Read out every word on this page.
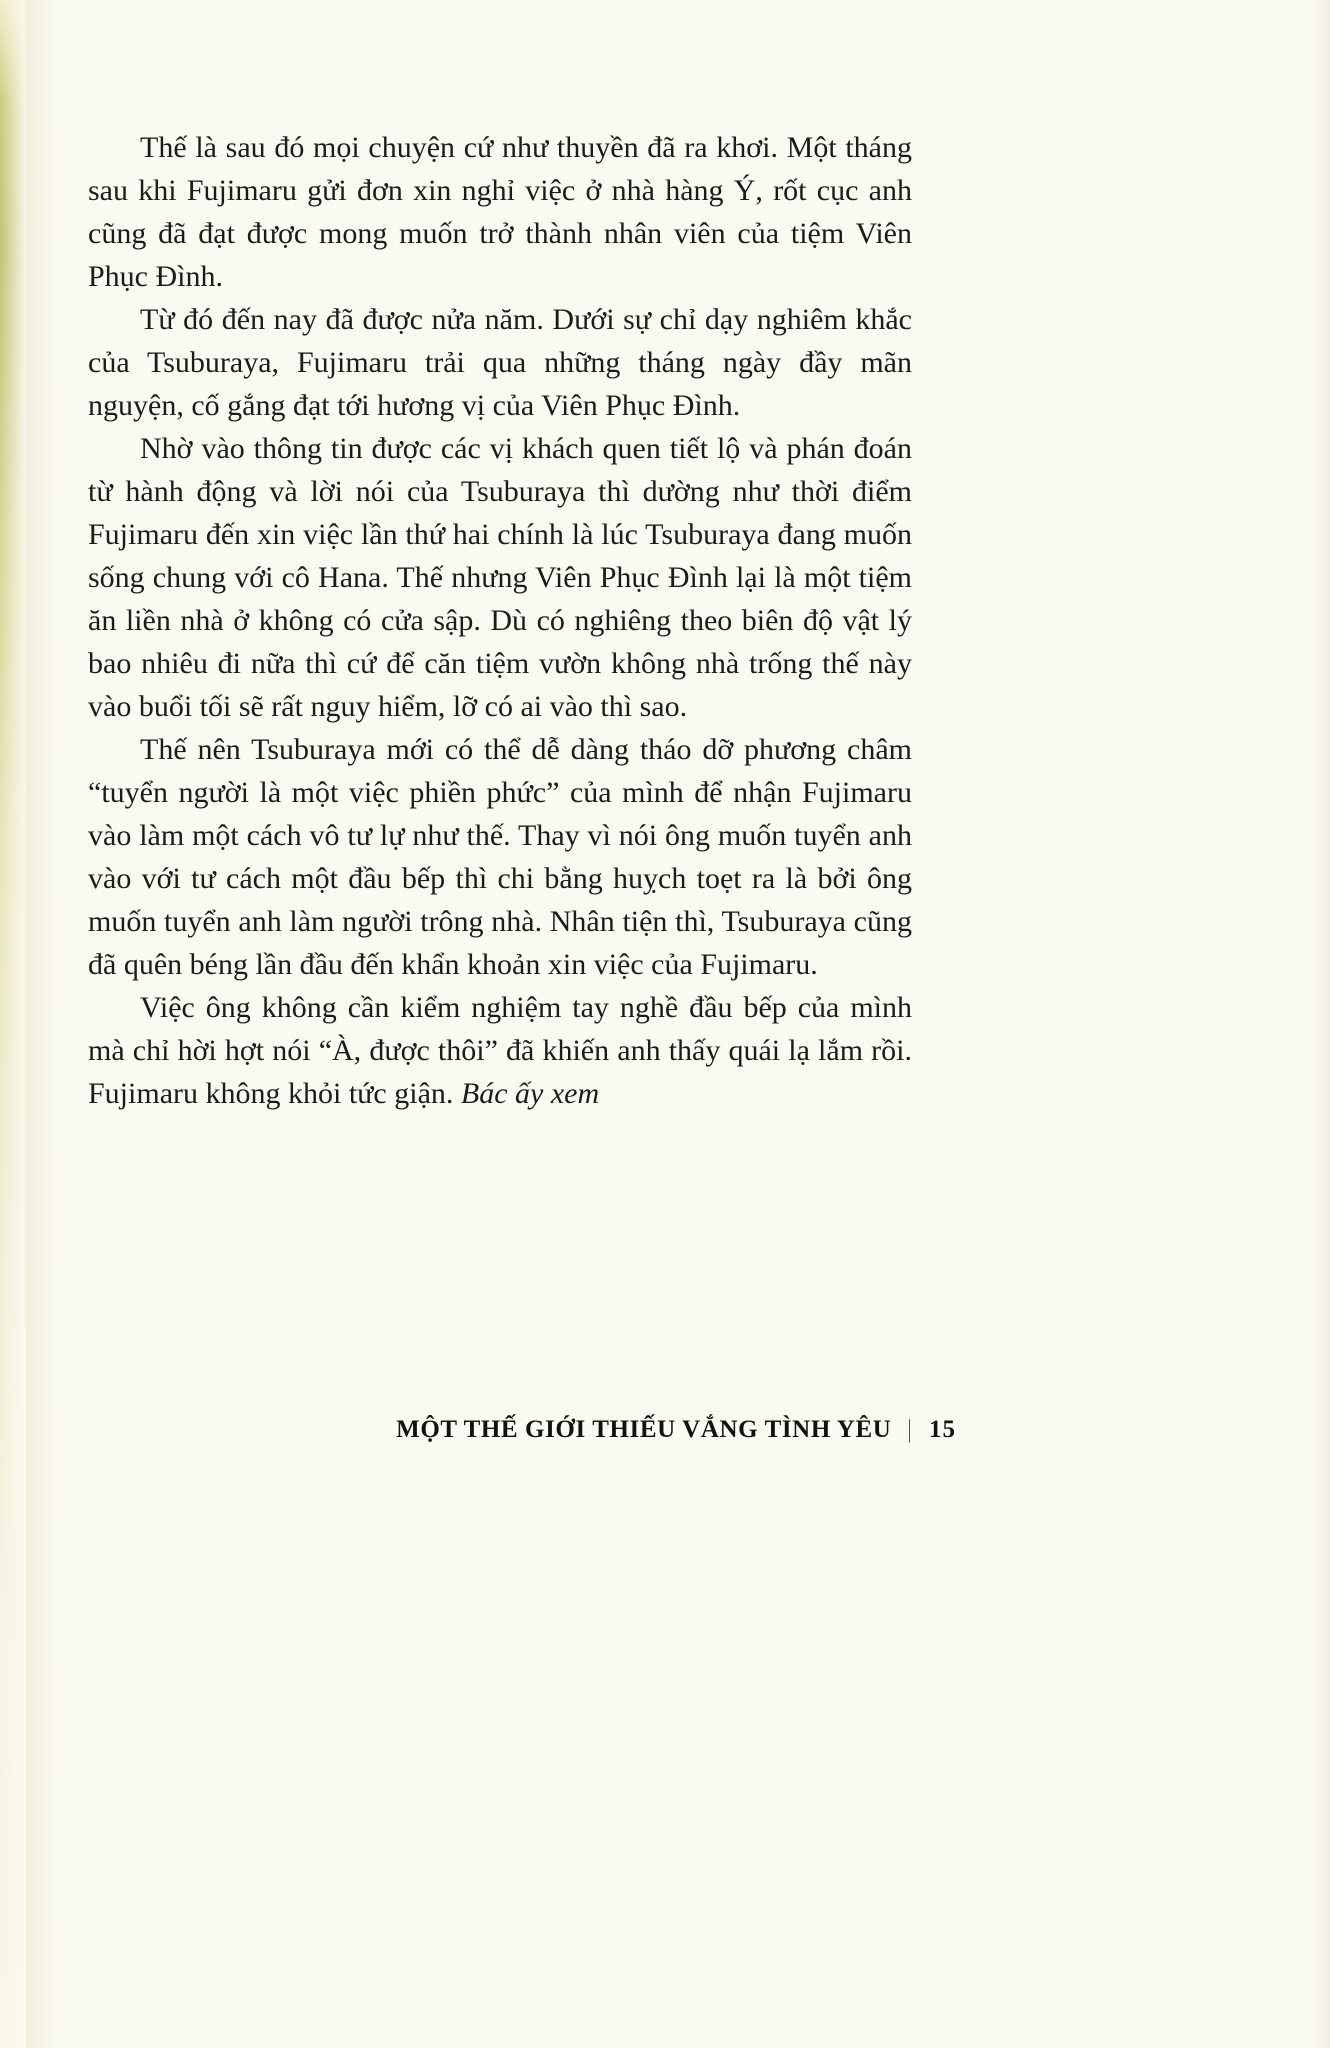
Thế là sau đó mọi chuyện cứ như thuyền đã ra khơi. Một tháng sau khi Fujimaru gửi đơn xin nghỉ việc ở nhà hàng Ý, rốt cục anh cũng đã đạt được mong muốn trở thành nhân viên của tiệm Viên Phục Đình.

Từ đó đến nay đã được nửa năm. Dưới sự chỉ dạy nghiêm khắc của Tsuburaya, Fujimaru trải qua những tháng ngày đầy mãn nguyện, cố gắng đạt tới hương vị của Viên Phục Đình.

Nhờ vào thông tin được các vị khách quen tiết lộ và phán đoán từ hành động và lời nói của Tsuburaya thì dường như thời điểm Fujimaru đến xin việc lần thứ hai chính là lúc Tsuburaya đang muốn sống chung với cô Hana. Thế nhưng Viên Phục Đình lại là một tiệm ăn liền nhà ở không có cửa sập. Dù có nghiêng theo biên độ vật lý bao nhiêu đi nữa thì cứ để căn tiệm vườn không nhà trống thế này vào buổi tối sẽ rất nguy hiểm, lỡ có ai vào thì sao.

Thế nên Tsuburaya mới có thể dễ dàng tháo dỡ phương châm “tuyển người là một việc phiền phức” của mình để nhận Fujimaru vào làm một cách vô tư lự như thế. Thay vì nói ông muốn tuyển anh vào với tư cách một đầu bếp thì chi bằng huỵch toẹt ra là bởi ông muốn tuyển anh làm người trông nhà. Nhân tiện thì, Tsuburaya cũng đã quên béng lần đầu đến khẩn khoản xin việc của Fujimaru.

Việc ông không cần kiểm nghiệm tay nghề đầu bếp của mình mà chỉ hời hợt nói “À, được thôi” đã khiến anh thấy quái lạ lắm rồi. Fujimaru không khỏi tức giận. Bác ấy xem

MỘT THẾ GIỚI THIẾU VẮNG TÌNH YÊU | 15
